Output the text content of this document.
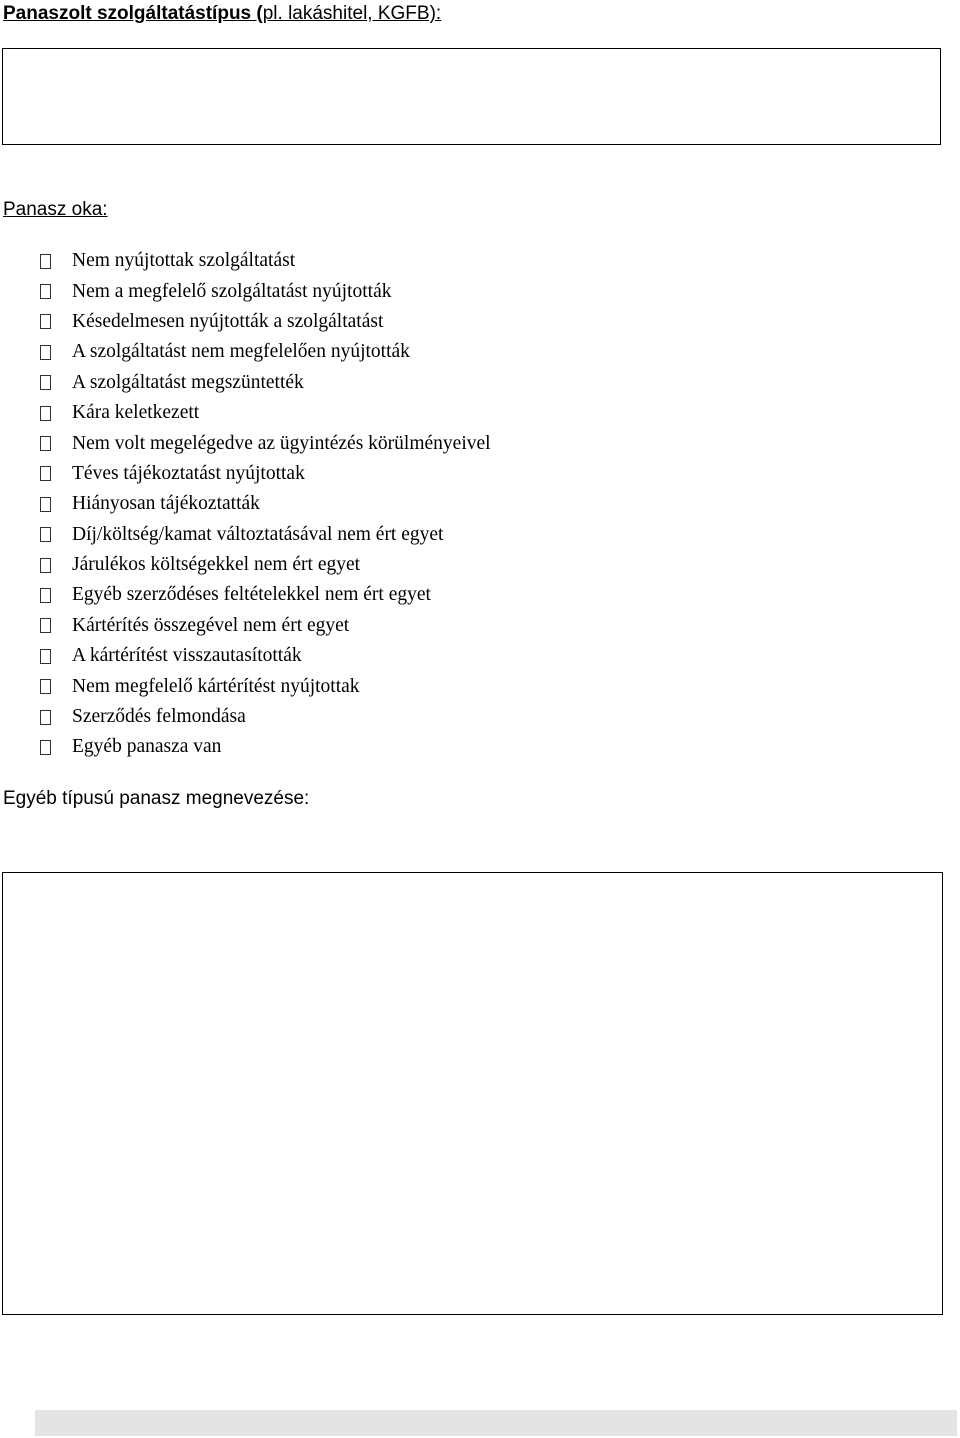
Panaszolt szolgáltatástípus (pl. lakáshitel, KGFB):

Panasz oka:

Nem nyújtottak szolgáltatást
Nem a megfelelő szolgáltatást nyújtották
Késedelmesen nyújtották a szolgáltatást
A szolgáltatást nem megfelelően nyújtották
A szolgáltatást megszüntették
Kára keletkezett
Nem volt megelégedve az ügyintézés körülményeivel
Téves tájékoztatást nyújtottak
Hiányosan tájékoztatták
Díj/költség/kamat változtatásával nem ért egyet
Járulékos költségekkel nem ért egyet
Egyéb szerződéses feltételekkel nem ért egyet
Kártérítés összegével nem ért egyet
A kártérítést visszautasították
Nem megfelelő kártérítést nyújtottak
Szerződés felmondása
Egyéb panasza van

Egyéb típusú panasz megnevezése:
